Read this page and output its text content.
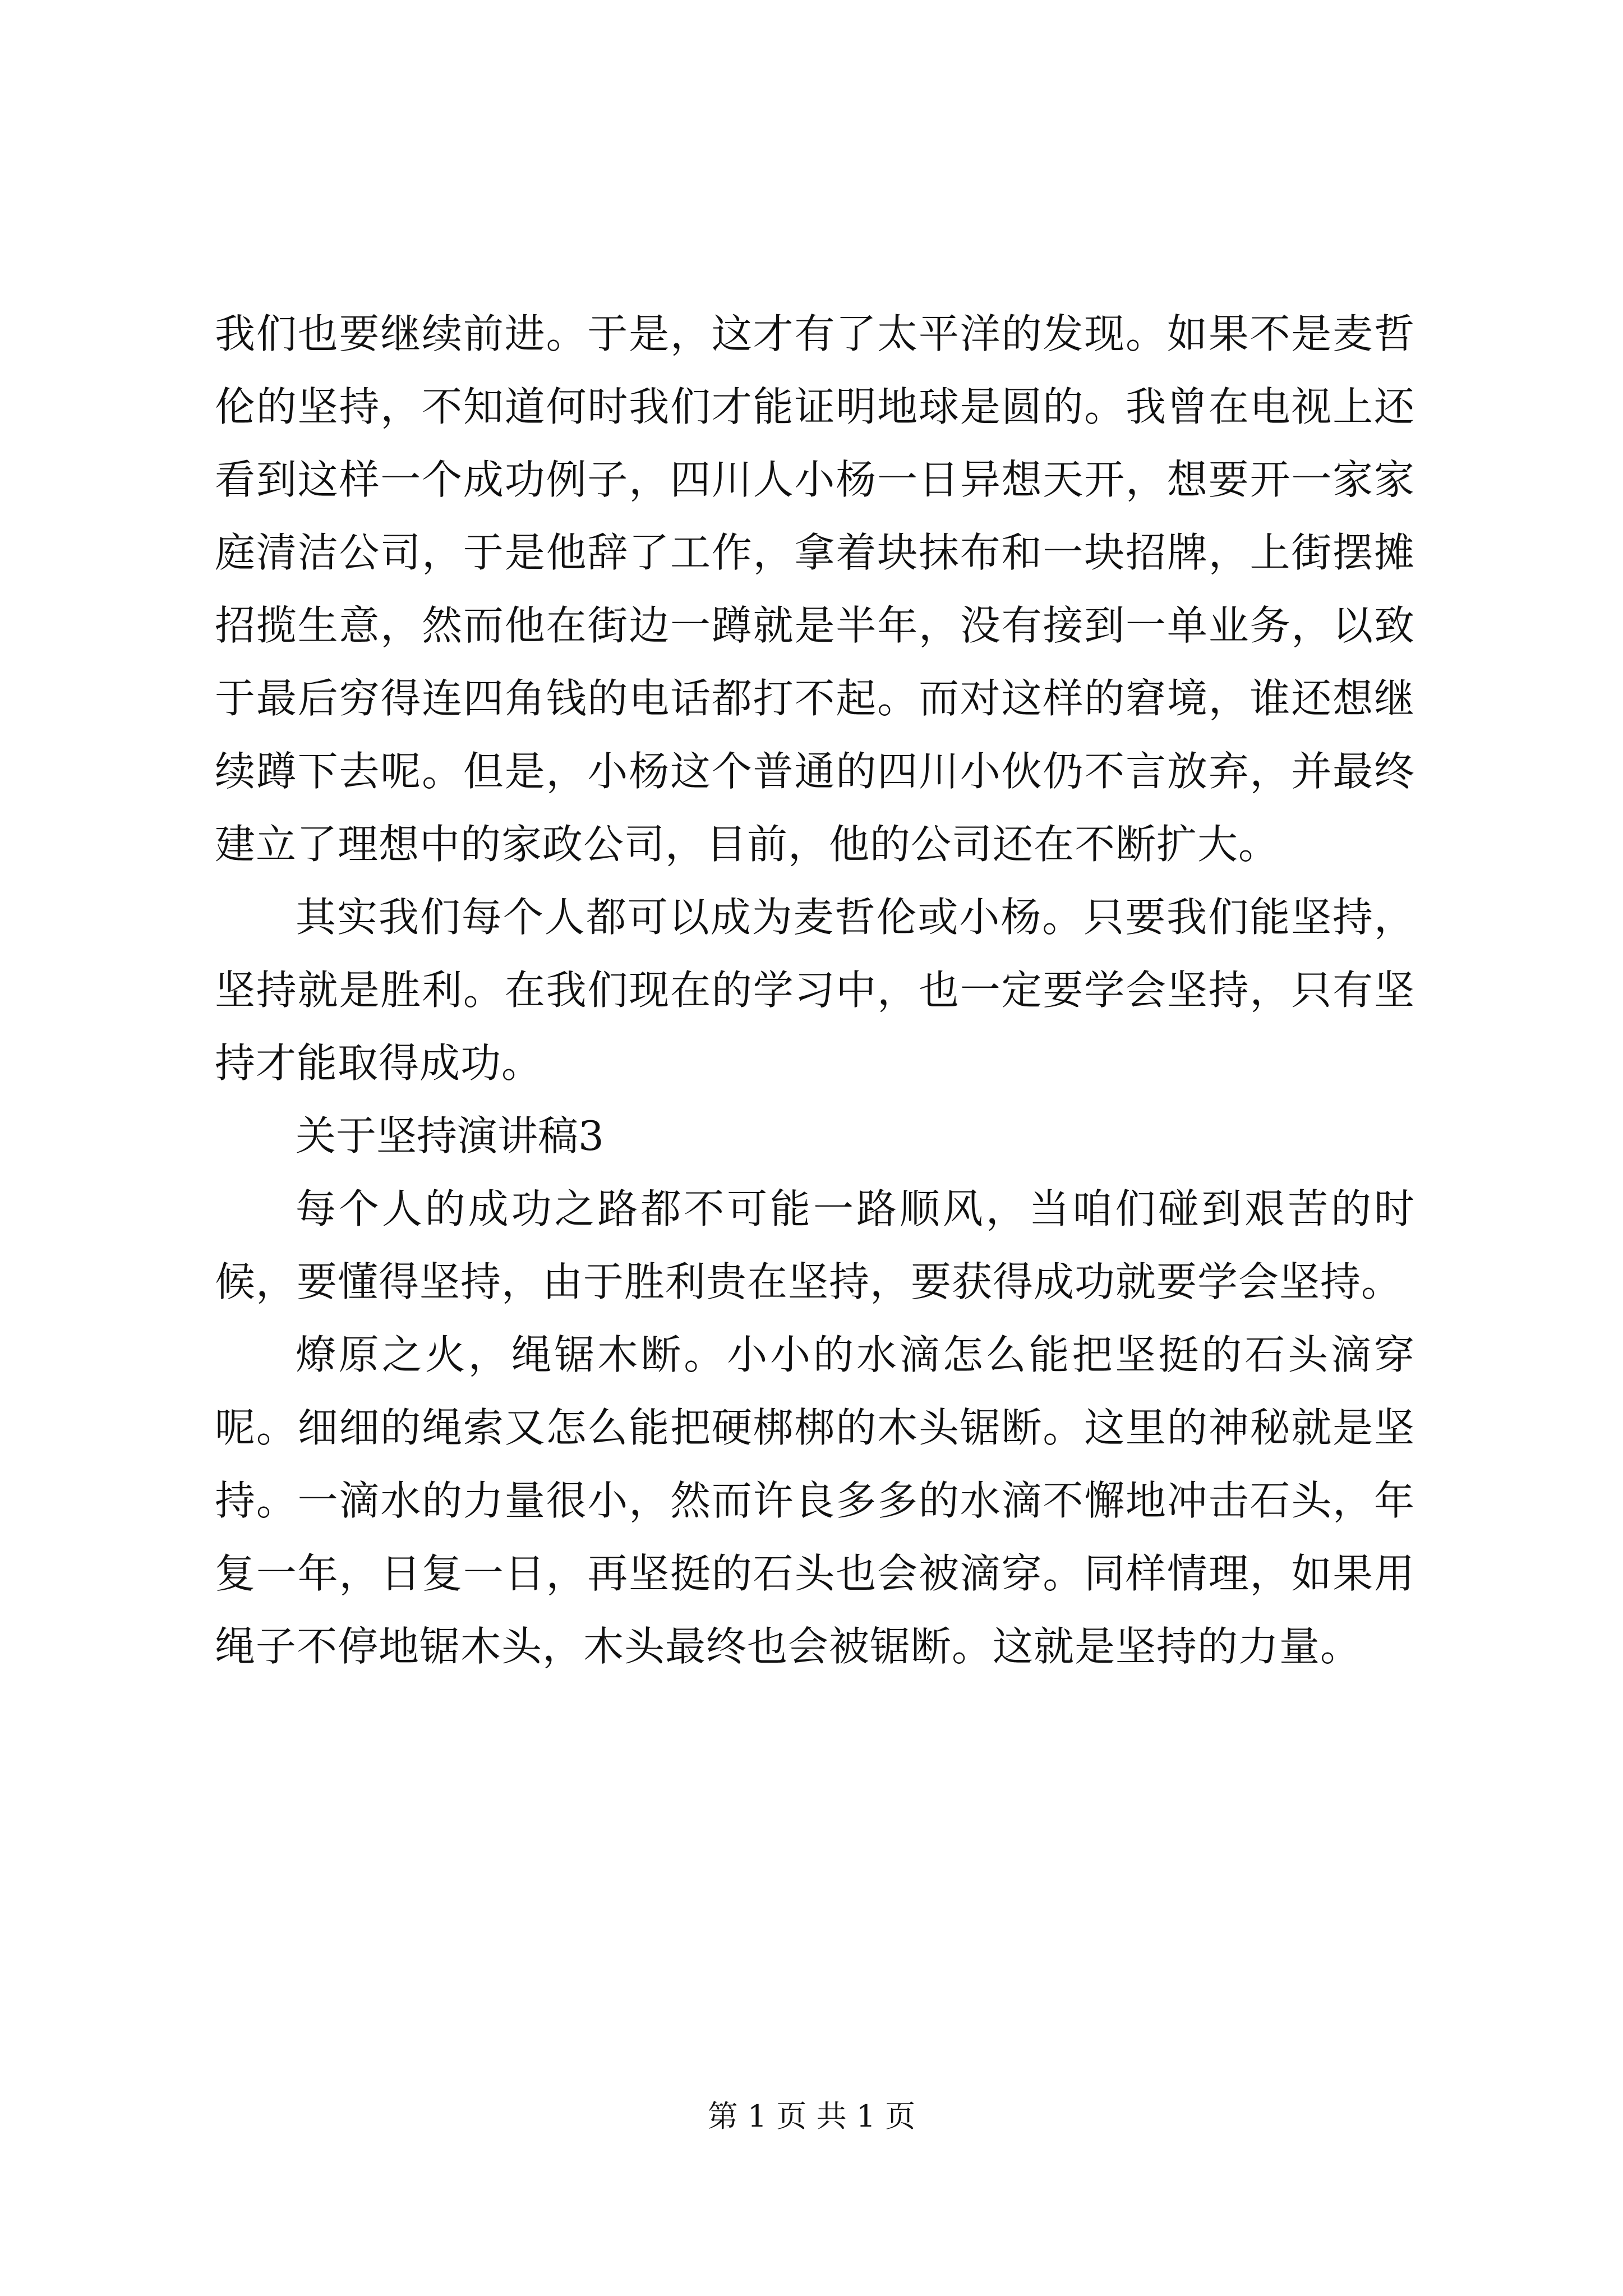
我们也要继续前进。于是，这才有了太平洋的发现。如果不是麦哲伦的坚持，不知道何时我们才能证明地球是圆的。我曾在电视上还看到这样一个成功例子，四川人小杨一日异想天开，想要开一家家庭清洁公司，于是他辞了工作，拿着块抹布和一块招牌，上街摆摊招揽生意，然而他在街边一蹲就是半年，没有接到一单业务，以致于最后穷得连四角钱的电话都打不起。而对这样的窘境，谁还想继续蹲下去呢。但是，小杨这个普通的四川小伙仍不言放弃，并最终建立了理想中的家政公司，目前，他的公司还在不断扩大。

其实我们每个人都可以成为麦哲伦或小杨。只要我们能坚持，坚持就是胜利。在我们现在的学习中，也一定要学会坚持，只有坚持才能取得成功。

关于坚持演讲稿3

每个人的成功之路都不可能一路顺风，当咱们碰到艰苦的时候，要懂得坚持，由于胜利贵在坚持，要获得成功就要学会坚持。

燎原之火，绳锯木断。小小的水滴怎么能把坚挺的石头滴穿呢。细细的绳索又怎么能把硬梆梆的木头锯断。这里的神秘就是坚持。一滴水的力量很小，然而许良多多的水滴不懈地冲击石头，年复一年，日复一日，再坚挺的石头也会被滴穿。同样情理，如果用绳子不停地锯木头，木头最终也会被锯断。这就是坚持的力量。

第 1 页 共 1 页
